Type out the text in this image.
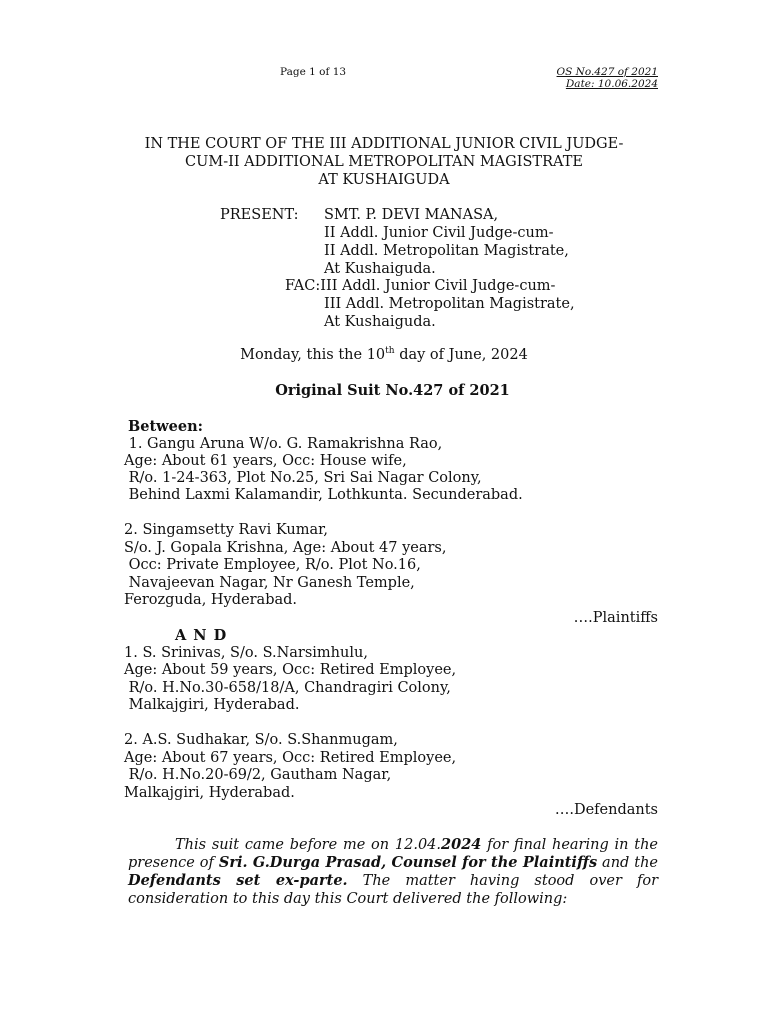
Page 1 of 13	OS No.427 of 2021
Date: 10.06.2024
IN THE COURT OF THE III ADDITIONAL JUNIOR CIVIL JUDGE-
CUM-II ADDITIONAL METROPOLITAN MAGISTRATE
AT KUSHAIGUDA
PRESENT: SMT. P. DEVI MANASA,
II Addl. Junior Civil Judge-cum-
II Addl. Metropolitan Magistrate,
At Kushaiguda.
FAC:III Addl. Junior Civil Judge-cum-
III Addl. Metropolitan Magistrate,
At Kushaiguda.
Monday, this the 10th day of June, 2024
Original Suit No.427 of 2021
Between:
1. Gangu Aruna W/o. G. Ramakrishna Rao,
Age: About 61 years, Occ: House wife,
R/o. 1-24-363, Plot No.25, Sri Sai Nagar Colony,
Behind Laxmi Kalamandir, Lothkunta. Secunderabad.
2. Singamsetty Ravi Kumar,
S/o. J. Gopala Krishna, Age: About 47 years,
Occ: Private Employee, R/o. Plot No.16,
Navajeevan Nagar, Nr Ganesh Temple,
Ferozguda, Hyderabad.
….Plaintiffs
A N D
1. S. Srinivas, S/o. S.Narsimhulu,
Age: About 59 years, Occ: Retired Employee,
R/o. H.No.30-658/18/A, Chandragiri Colony,
Malkajgiri, Hyderabad.
2. A.S. Sudhakar, S/o. S.Shanmugam,
Age: About 67 years, Occ: Retired Employee,
R/o. H.No.20-69/2, Gautham Nagar,
Malkajgiri, Hyderabad.
….Defendants
This suit came before me on 12.04.2024 for final hearing in the presence of Sri. G.Durga Prasad, Counsel for the Plaintiffs and the Defendants set ex-parte. The matter having stood over for consideration to this day this Court delivered the following:
